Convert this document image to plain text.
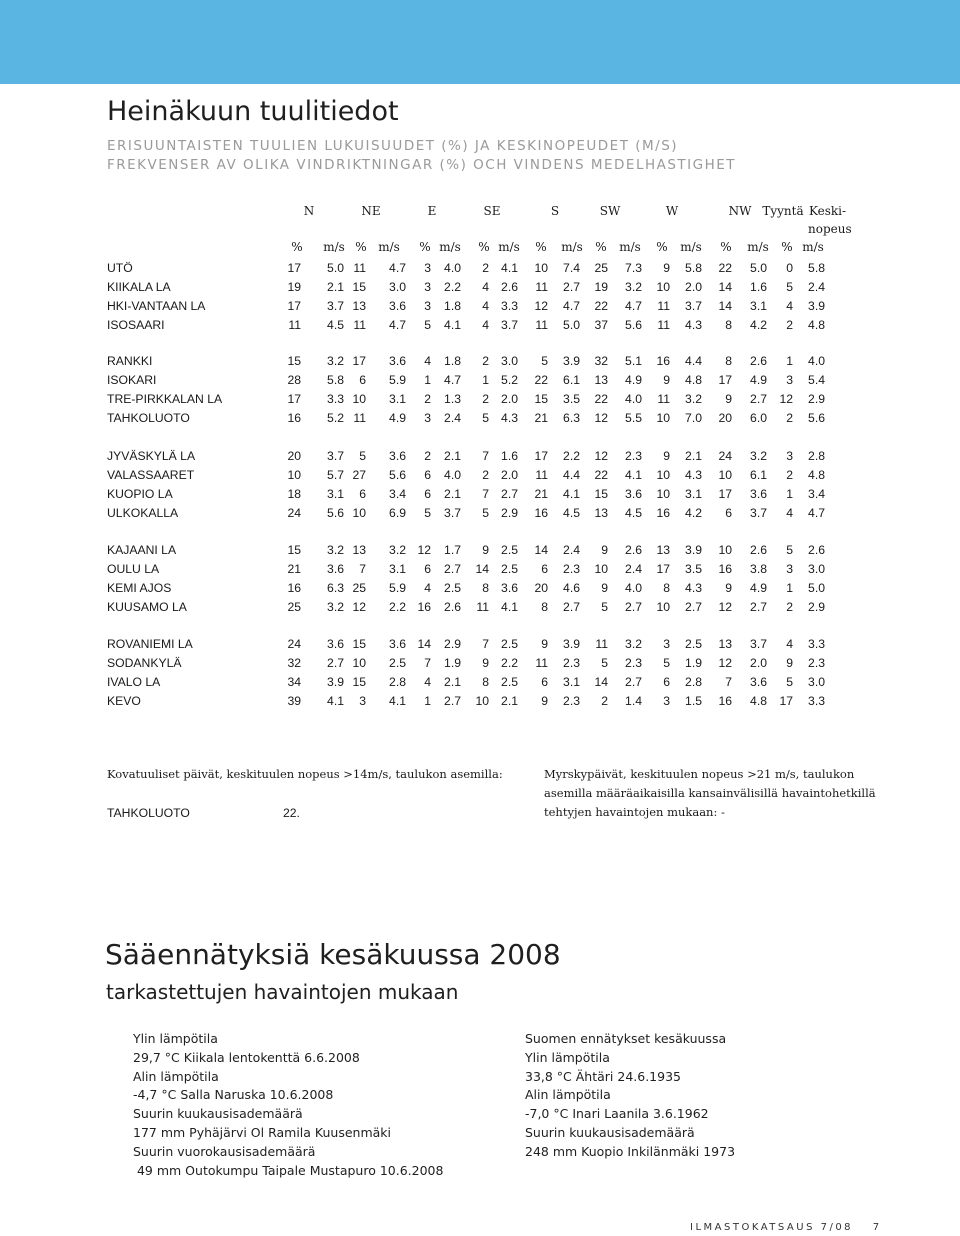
Heinäkuun tuulitiedot
ERISUUNTAISTEN TUULIEN LUKUISUUDET (%) JA KESKINOPEUDET (M/S)
FREKVENSER AV OLIKA VINDRIKTNINGAR (%) OCH VINDENS MEDELHASTIGHET
N	NE	E	SE	S	SW	W	NW Tyyntä Keski-
nopeus
% m/s % m/s % m/s % m/s % m/s % m/s % m/s % m/s % m/s
UTÖ	17 5.0 11 4.7 3 4.0 2 4.1 10 7.4 25 7.3 9 5.8 22 5.0 0 5.8
KIIKALA LA	19 2.1 15 3.0 3 2.2 4 2.6 11 2.7 19 3.2 10 2.0 14 1.6 5 2.4
HKI-VANTAAN LA	17 3.7 13 3.6 3 1.8 4 3.3 12 4.7 22 4.7 11 3.7 14 3.1 4 3.9
ISOSAARI	11 4.5 11 4.7 5 4.1 4 3.7 11 5.0 37 5.6 11 4.3 8 4.2 2 4.8
RANKKI	15 3.2 17 3.6 4 1.8 2 3.0 5 3.9 32 5.1 16 4.4 8 2.6 1 4.0
ISOKARI	28 5.8 6 5.9 1 4.7 1 5.2 22 6.1 13 4.9 9 4.8 17 4.9 3 5.4
TRE-PIRKKALAN LA	17 3.3 10 3.1 2 1.3 2 2.0 15 3.5 22 4.0 11 3.2 9 2.7 12 2.9
TAHKOLUOTO	16 5.2 11 4.9 3 2.4 5 4.3 21 6.3 12 5.5 10 7.0 20 6.0 2 5.6
JYVÄSKYLÄ LA	20 3.7 5 3.6 2 2.1 7 1.6 17 2.2 12 2.3 9 2.1 24 3.2 3 2.8
VALASSAARET	10 5.7 27 5.6 6 4.0 2 2.0 11 4.4 22 4.1 10 4.3 10 6.1 2 4.8
KUOPIO LA	18 3.1 6 3.4 6 2.1 7 2.7 21 4.1 15 3.6 10 3.1 17 3.6 1 3.4
ULKOKALLA	24 5.6 10 6.9 5 3.7 5 2.9 16 4.5 13 4.5 16 4.2 6 3.7 4 4.7
KAJAANI LA	15 3.2 13 3.2 12 1.7 9 2.5 14 2.4 9 2.6 13 3.9 10 2.6 5 2.6
OULU LA	21 3.6 7 3.1 6 2.7 14 2.5 6 2.3 10 2.4 17 3.5 16 3.8 3 3.0
KEMI AJOS	16 6.3 25 5.9 4 2.5 8 3.6 20 4.6 9 4.0 8 4.3 9 4.9 1 5.0
KUUSAMO LA	25 3.2 12 2.2 16 2.6 11 4.1 8 2.7 5 2.7 10 2.7 12 2.7 2 2.9
ROVANIEMI LA	24 3.6 15 3.6 14 2.9 7 2.5 9 3.9 11 3.2 3 2.5 13 3.7 4 3.3
SODANKYLÄ	32 2.7 10 2.5 7 1.9 9 2.2 11 2.3 5 2.3 5 1.9 12 2.0 9 2.3
IVALO LA	34 3.9 15 2.8 4 2.1 8 2.5 6 3.1 14 2.7 6 2.8 7 3.6 5 3.0
KEVO	39 4.1 3 4.1 1 2.7 10 2.1 9 2.3 2 1.4 3 1.5 16 4.8 17 3.3
Kovatuuliset päivät, keskituulen nopeus >14m/s, taulukon asemilla:
TAHKOLUOTO	22.
Myrskypäivät, keskituulen nopeus >21 m/s, taulukon
asemilla määräaikaisilla kansainvälisillä havaintohetkillä
tehtyjen havaintojen mukaan: -
Sääennätyksiä kesäkuussa 2008
tarkastettujen havaintojen mukaan
Ylin lämpötila
29,7 °C Kiikala lentokenttä 6.6.2008
Alin lämpötila
-4,7 °C Salla Naruska 10.6.2008
Suurin kuukausisademäärä
177 mm Pyhäjärvi Ol Ramila Kuusenmäki
Suurin vuorokausisademäärä
49 mm Outokumpu Taipale Mustapuro 10.6.2008
Suomen ennätykset kesäkuussa
Ylin lämpötila
33,8 °C Ähtäri 24.6.1935
Alin lämpötila
-7,0 °C Inari Laanila 3.6.1962
Suurin kuukausisademäärä
248 mm Kuopio Inkilänmäki 1973
ILMASTOKATSAUS 7/08 7
